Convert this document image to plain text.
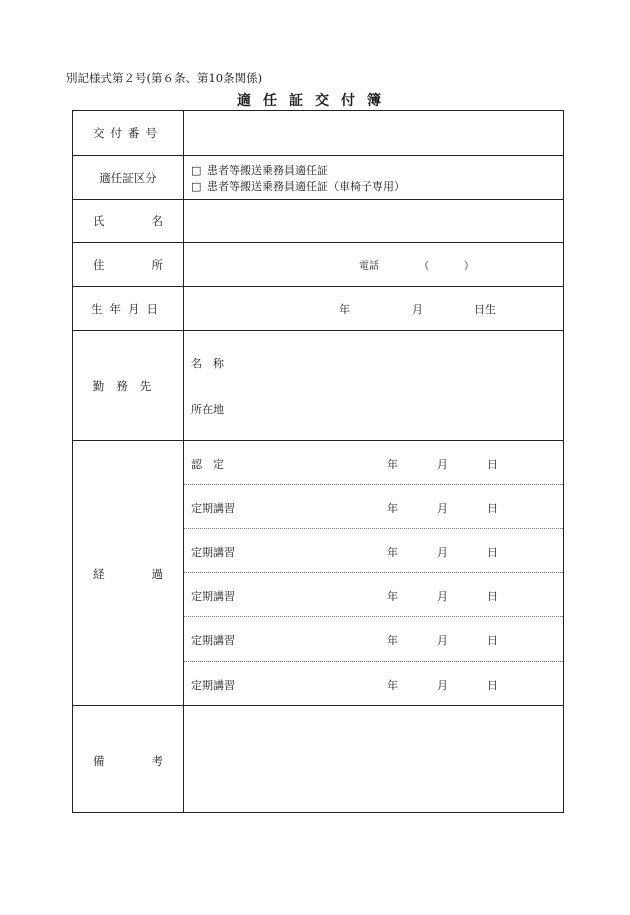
別記様式第２号(第６条、第10条関係)
適任証交付簿
交付番号
適任証区分
□ 患者等搬送乗務員適任証
□ 患者等搬送乗務員適任証（車椅子専用）
氏	名
住	所	電話	（	）
生年月日	年	月	日生
勤務先
名　称
所在地
経	過
認　定	年	月	日
定期講習	年	月	日
定期講習	年	月	日
定期講習	年	月	日
定期講習	年	月	日
定期講習	年	月	日
備	考
